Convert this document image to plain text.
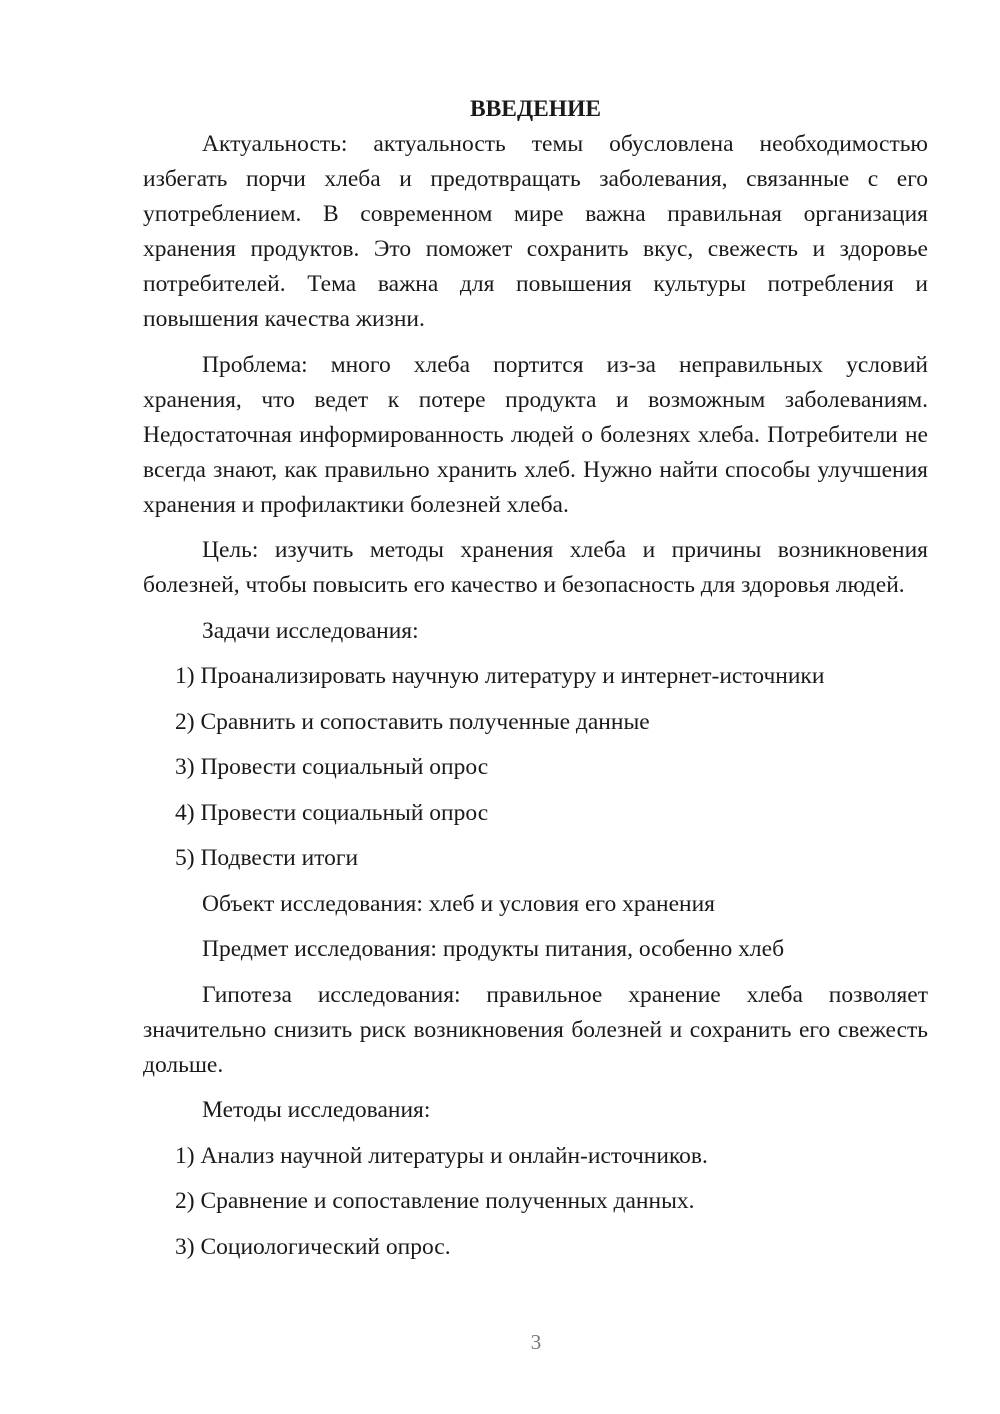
ВВЕДЕНИЕ

Актуальность: актуальность темы обусловлена необходимостью избегать порчи хлеба и предотвращать заболевания, связанные с его употреблением. В современном мире важна правильная организация хранения продуктов. Это поможет сохранить вкус, свежесть и здоровье потребителей. Тема важна для повышения культуры потребления и повышения качества жизни.

Проблема: много хлеба портится из-за неправильных условий хранения, что ведет к потере продукта и возможным заболеваниям. Недостаточная информированность людей о болезнях хлеба. Потребители не всегда знают, как правильно хранить хлеб. Нужно найти способы улучшения хранения и профилактики болезней хлеба.

Цель: изучить методы хранения хлеба и причины возникновения болезней, чтобы повысить его качество и безопасность для здоровья людей.

Задачи исследования:

1) Проанализировать научную литературу и интернет-источники

2) Сравнить и сопоставить полученные данные

3) Провести социальный опрос

4) Провести социальный опрос

5) Подвести итоги

Объект исследования: хлеб и условия его хранения

Предмет исследования: продукты питания, особенно хлеб

Гипотеза исследования: правильное хранение хлеба позволяет значительно снизить риск возникновения болезней и сохранить его свежесть дольше.

Методы исследования:

1) Анализ научной литературы и онлайн-источников.

2) Сравнение и сопоставление полученных данных.

3) Социологический опрос.

3
